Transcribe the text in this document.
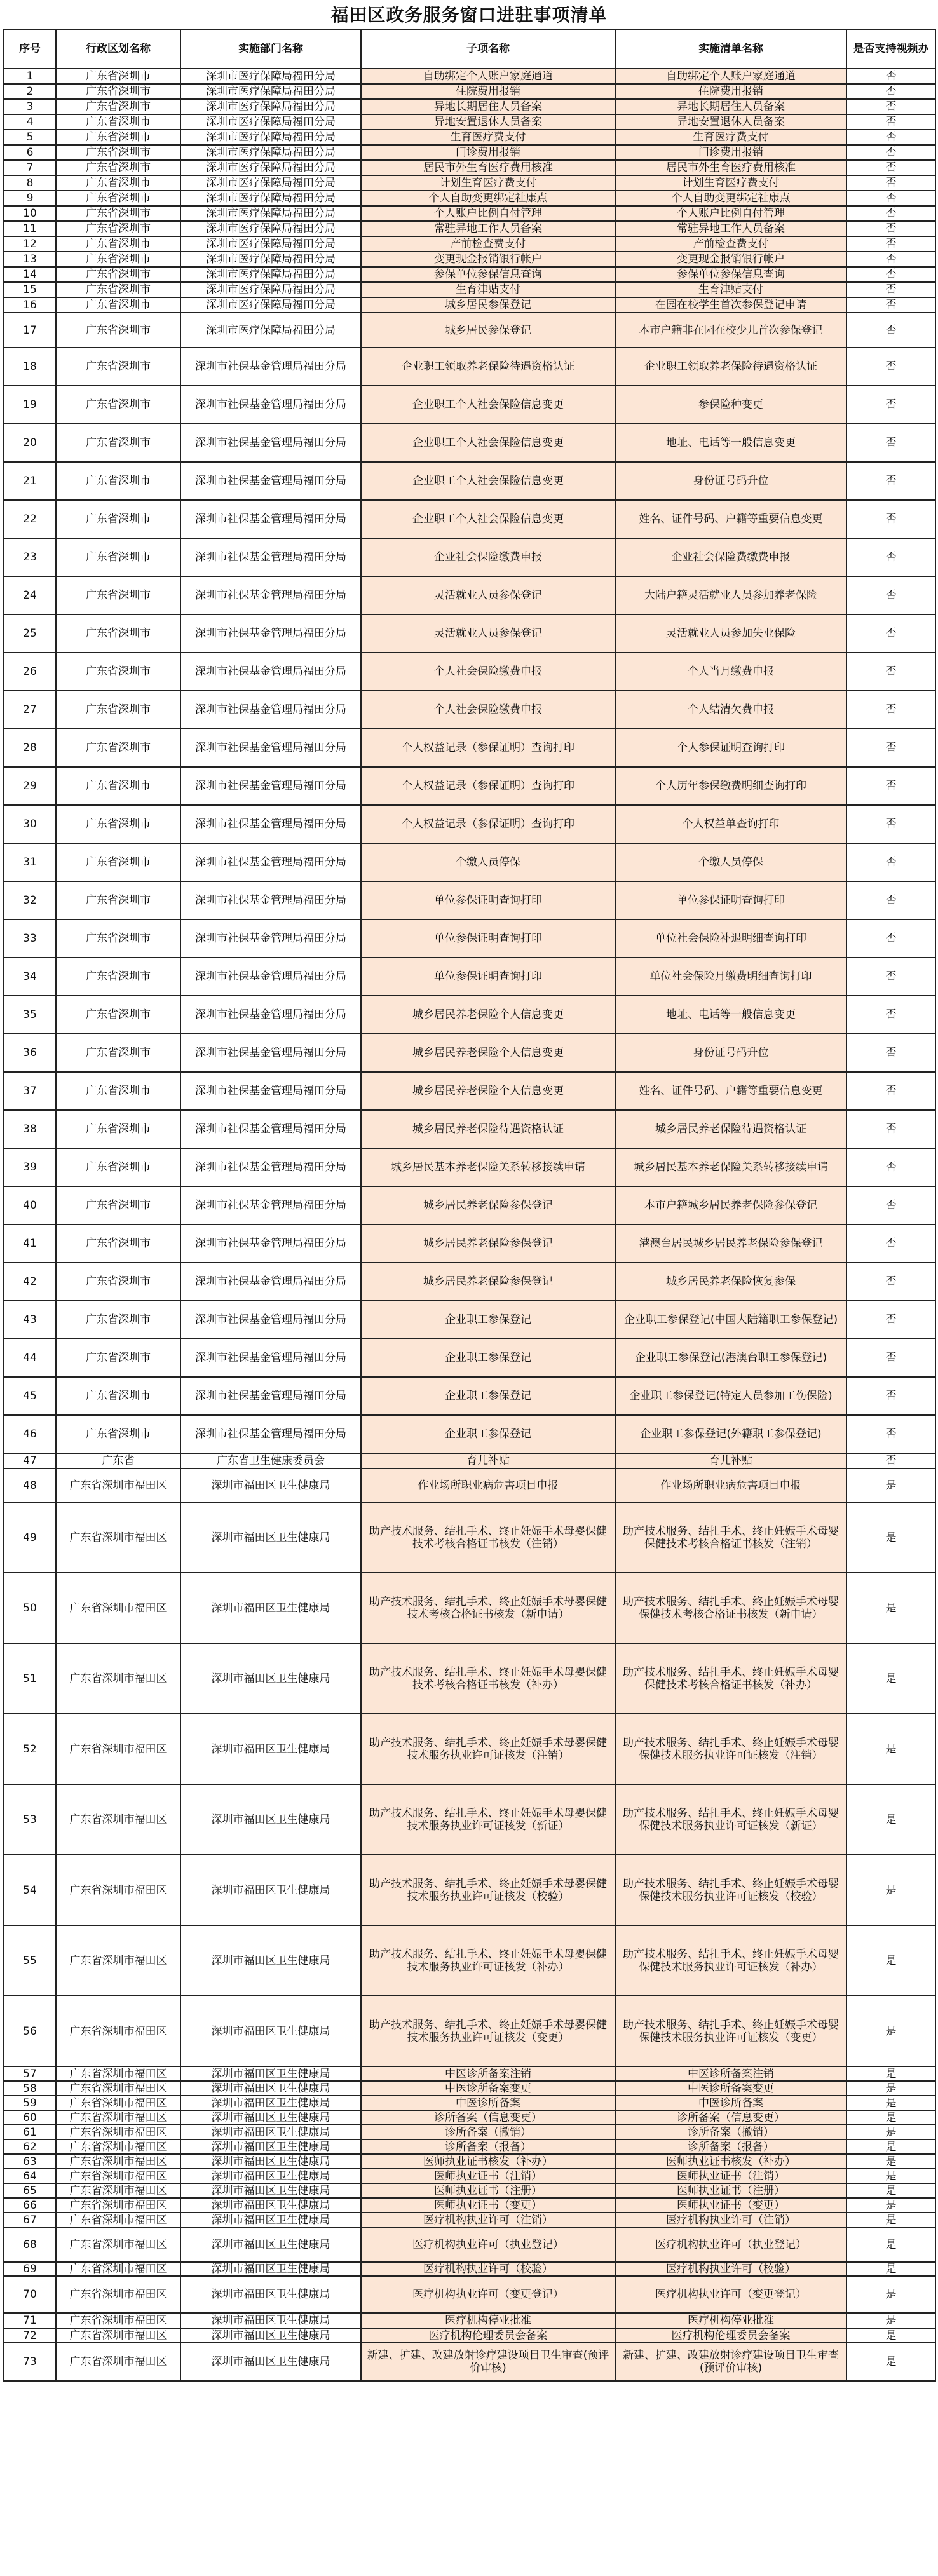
福田区政务服务窗口进驻事项清单
序号	行政区划名称	实施部门名称	子项名称	实施清单名称	是否支持视频办
1	广东省深圳市	深圳市医疗保障局福田分局	自助绑定个人账户家庭通道	自助绑定个人账户家庭通道	否
2	广东省深圳市	深圳市医疗保障局福田分局	住院费用报销	住院费用报销	否
3	广东省深圳市	深圳市医疗保障局福田分局	异地长期居住人员备案	异地长期居住人员备案	否
4	广东省深圳市	深圳市医疗保障局福田分局	异地安置退休人员备案	异地安置退休人员备案	否
5	广东省深圳市	深圳市医疗保障局福田分局	生育医疗费支付	生育医疗费支付	否
6	广东省深圳市	深圳市医疗保障局福田分局	门诊费用报销	门诊费用报销	否
7	广东省深圳市	深圳市医疗保障局福田分局	居民市外生育医疗费用核准	居民市外生育医疗费用核准	否
8	广东省深圳市	深圳市医疗保障局福田分局	计划生育医疗费支付	计划生育医疗费支付	否
9	广东省深圳市	深圳市医疗保障局福田分局	个人自助变更绑定社康点	个人自助变更绑定社康点	否
10	广东省深圳市	深圳市医疗保障局福田分局	个人账户比例自付管理	个人账户比例自付管理	否
11	广东省深圳市	深圳市医疗保障局福田分局	常驻异地工作人员备案	常驻异地工作人员备案	否
12	广东省深圳市	深圳市医疗保障局福田分局	产前检查费支付	产前检查费支付	否
13	广东省深圳市	深圳市医疗保障局福田分局	变更现金报销银行帐户	变更现金报销银行帐户	否
14	广东省深圳市	深圳市医疗保障局福田分局	参保单位参保信息查询	参保单位参保信息查询	否
15	广东省深圳市	深圳市医疗保障局福田分局	生育津贴支付	生育津贴支付	否
16	广东省深圳市	深圳市医疗保障局福田分局	城乡居民参保登记	在园在校学生首次参保登记申请	否
17	广东省深圳市	深圳市医疗保障局福田分局	城乡居民参保登记	本市户籍非在园在校少儿首次参保登记	否
18	广东省深圳市	深圳市社保基金管理局福田分局	企业职工领取养老保险待遇资格认证	企业职工领取养老保险待遇资格认证	否
19	广东省深圳市	深圳市社保基金管理局福田分局	企业职工个人社会保险信息变更	参保险种变更	否
20	广东省深圳市	深圳市社保基金管理局福田分局	企业职工个人社会保险信息变更	地址、电话等一般信息变更	否
21	广东省深圳市	深圳市社保基金管理局福田分局	企业职工个人社会保险信息变更	身份证号码升位	否
22	广东省深圳市	深圳市社保基金管理局福田分局	企业职工个人社会保险信息变更	姓名、证件号码、户籍等重要信息变更	否
23	广东省深圳市	深圳市社保基金管理局福田分局	企业社会保险缴费申报	企业社会保险费缴费申报	否
24	广东省深圳市	深圳市社保基金管理局福田分局	灵活就业人员参保登记	大陆户籍灵活就业人员参加养老保险	否
25	广东省深圳市	深圳市社保基金管理局福田分局	灵活就业人员参保登记	灵活就业人员参加失业保险	否
26	广东省深圳市	深圳市社保基金管理局福田分局	个人社会保险缴费申报	个人当月缴费申报	否
27	广东省深圳市	深圳市社保基金管理局福田分局	个人社会保险缴费申报	个人结清欠费申报	否
28	广东省深圳市	深圳市社保基金管理局福田分局	个人权益记录（参保证明）查询打印	个人参保证明查询打印	否
29	广东省深圳市	深圳市社保基金管理局福田分局	个人权益记录（参保证明）查询打印	个人历年参保缴费明细查询打印	否
30	广东省深圳市	深圳市社保基金管理局福田分局	个人权益记录（参保证明）查询打印	个人权益单查询打印	否
31	广东省深圳市	深圳市社保基金管理局福田分局	个缴人员停保	个缴人员停保	否
32	广东省深圳市	深圳市社保基金管理局福田分局	单位参保证明查询打印	单位参保证明查询打印	否
33	广东省深圳市	深圳市社保基金管理局福田分局	单位参保证明查询打印	单位社会保险补退明细查询打印	否
34	广东省深圳市	深圳市社保基金管理局福田分局	单位参保证明查询打印	单位社会保险月缴费明细查询打印	否
35	广东省深圳市	深圳市社保基金管理局福田分局	城乡居民养老保险个人信息变更	地址、电话等一般信息变更	否
36	广东省深圳市	深圳市社保基金管理局福田分局	城乡居民养老保险个人信息变更	身份证号码升位	否
37	广东省深圳市	深圳市社保基金管理局福田分局	城乡居民养老保险个人信息变更	姓名、证件号码、户籍等重要信息变更	否
38	广东省深圳市	深圳市社保基金管理局福田分局	城乡居民养老保险待遇资格认证	城乡居民养老保险待遇资格认证	否
39	广东省深圳市	深圳市社保基金管理局福田分局	城乡居民基本养老保险关系转移接续申请	城乡居民基本养老保险关系转移接续申请	否
40	广东省深圳市	深圳市社保基金管理局福田分局	城乡居民养老保险参保登记	本市户籍城乡居民养老保险参保登记	否
41	广东省深圳市	深圳市社保基金管理局福田分局	城乡居民养老保险参保登记	港澳台居民城乡居民养老保险参保登记	否
42	广东省深圳市	深圳市社保基金管理局福田分局	城乡居民养老保险参保登记	城乡居民养老保险恢复参保	否
43	广东省深圳市	深圳市社保基金管理局福田分局	企业职工参保登记	企业职工参保登记(中国大陆籍职工参保登记)	否
44	广东省深圳市	深圳市社保基金管理局福田分局	企业职工参保登记	企业职工参保登记(港澳台职工参保登记)	否
45	广东省深圳市	深圳市社保基金管理局福田分局	企业职工参保登记	企业职工参保登记(特定人员参加工伤保险)	否
46	广东省深圳市	深圳市社保基金管理局福田分局	企业职工参保登记	企业职工参保登记(外籍职工参保登记)	否
47	广东省	广东省卫生健康委员会	育儿补贴	育儿补贴	否
48	广东省深圳市福田区	深圳市福田区卫生健康局	作业场所职业病危害项目申报	作业场所职业病危害项目申报	是
49	广东省深圳市福田区	深圳市福田区卫生健康局	助产技术服务、结扎手术、终止妊娠手术母婴保健技术考核合格证书核发（注销）	助产技术服务、结扎手术、终止妊娠手术母婴保健技术考核合格证书核发（注销）	是
50	广东省深圳市福田区	深圳市福田区卫生健康局	助产技术服务、结扎手术、终止妊娠手术母婴保健技术考核合格证书核发（新申请）	助产技术服务、结扎手术、终止妊娠手术母婴保健技术考核合格证书核发（新申请）	是
51	广东省深圳市福田区	深圳市福田区卫生健康局	助产技术服务、结扎手术、终止妊娠手术母婴保健技术考核合格证书核发（补办）	助产技术服务、结扎手术、终止妊娠手术母婴保健技术考核合格证书核发（补办）	是
52	广东省深圳市福田区	深圳市福田区卫生健康局	助产技术服务、结扎手术、终止妊娠手术母婴保健技术服务执业许可证核发（注销）	助产技术服务、结扎手术、终止妊娠手术母婴保健技术服务执业许可证核发（注销）	是
53	广东省深圳市福田区	深圳市福田区卫生健康局	助产技术服务、结扎手术、终止妊娠手术母婴保健技术服务执业许可证核发（新证）	助产技术服务、结扎手术、终止妊娠手术母婴保健技术服务执业许可证核发（新证）	是
54	广东省深圳市福田区	深圳市福田区卫生健康局	助产技术服务、结扎手术、终止妊娠手术母婴保健技术服务执业许可证核发（校验）	助产技术服务、结扎手术、终止妊娠手术母婴保健技术服务执业许可证核发（校验）	是
55	广东省深圳市福田区	深圳市福田区卫生健康局	助产技术服务、结扎手术、终止妊娠手术母婴保健技术服务执业许可证核发（补办）	助产技术服务、结扎手术、终止妊娠手术母婴保健技术服务执业许可证核发（补办）	是
56	广东省深圳市福田区	深圳市福田区卫生健康局	助产技术服务、结扎手术、终止妊娠手术母婴保健技术服务执业许可证核发（变更）	助产技术服务、结扎手术、终止妊娠手术母婴保健技术服务执业许可证核发（变更）	是
57	广东省深圳市福田区	深圳市福田区卫生健康局	中医诊所备案注销	中医诊所备案注销	是
58	广东省深圳市福田区	深圳市福田区卫生健康局	中医诊所备案变更	中医诊所备案变更	是
59	广东省深圳市福田区	深圳市福田区卫生健康局	中医诊所备案	中医诊所备案	是
60	广东省深圳市福田区	深圳市福田区卫生健康局	诊所备案（信息变更）	诊所备案（信息变更）	是
61	广东省深圳市福田区	深圳市福田区卫生健康局	诊所备案（撤销）	诊所备案（撤销）	是
62	广东省深圳市福田区	深圳市福田区卫生健康局	诊所备案（报备）	诊所备案（报备）	是
63	广东省深圳市福田区	深圳市福田区卫生健康局	医师执业证书核发（补办）	医师执业证书核发（补办）	是
64	广东省深圳市福田区	深圳市福田区卫生健康局	医师执业证书（注销）	医师执业证书（注销）	是
65	广东省深圳市福田区	深圳市福田区卫生健康局	医师执业证书（注册）	医师执业证书（注册）	是
66	广东省深圳市福田区	深圳市福田区卫生健康局	医师执业证书（变更）	医师执业证书（变更）	是
67	广东省深圳市福田区	深圳市福田区卫生健康局	医疗机构执业许可（注销）	医疗机构执业许可（注销）	是
68	广东省深圳市福田区	深圳市福田区卫生健康局	医疗机构执业许可（执业登记）	医疗机构执业许可（执业登记）	是
69	广东省深圳市福田区	深圳市福田区卫生健康局	医疗机构执业许可（校验）	医疗机构执业许可（校验）	是
70	广东省深圳市福田区	深圳市福田区卫生健康局	医疗机构执业许可（变更登记）	医疗机构执业许可（变更登记）	是
71	广东省深圳市福田区	深圳市福田区卫生健康局	医疗机构停业批准	医疗机构停业批准	是
72	广东省深圳市福田区	深圳市福田区卫生健康局	医疗机构伦理委员会备案	医疗机构伦理委员会备案	是
73	广东省深圳市福田区	深圳市福田区卫生健康局	新建、扩建、改建放射诊疗建设项目卫生审查(预评价审核)	新建、扩建、改建放射诊疗建设项目卫生审查(预评价审核)	是
